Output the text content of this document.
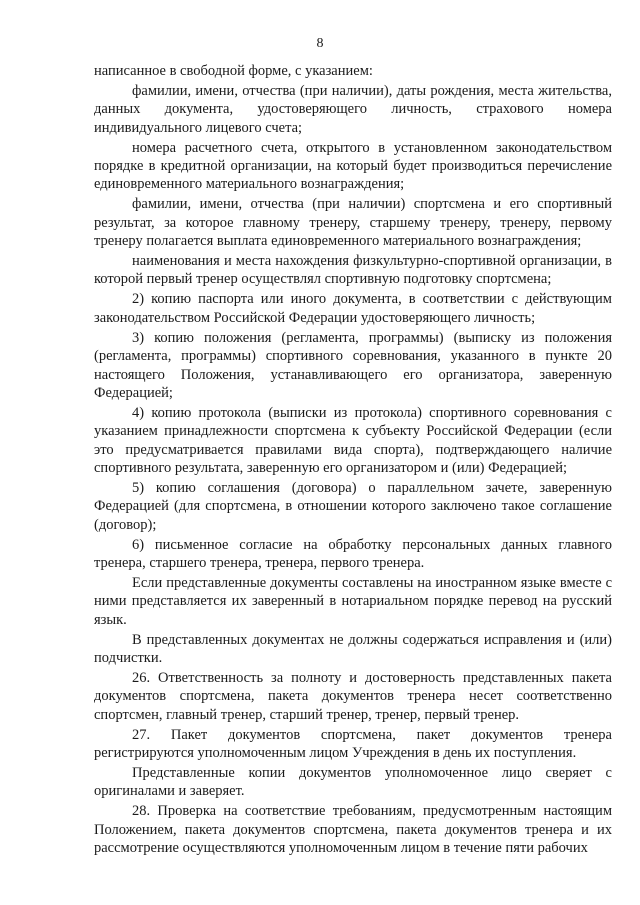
8

написанное в свободной форме, с указанием:

фамилии, имени, отчества (при наличии), даты рождения, места жительства, данных документа, удостоверяющего личность, страхового номера индивидуального лицевого счета;

номера расчетного счета, открытого в установленном законодательством порядке в кредитной организации, на который будет производиться перечисление единовременного материального вознаграждения;

фамилии, имени, отчества (при наличии) спортсмена и его спортивный результат, за которое главному тренеру, старшему тренеру, тренеру, первому тренеру полагается выплата единовременного материального вознаграждения;

наименования и места нахождения физкультурно-спортивной организации, в которой первый тренер осуществлял спортивную подготовку спортсмена;

2) копию паспорта или иного документа, в соответствии с действующим законодательством Российской Федерации удостоверяющего личность;

3) копию положения (регламента, программы) (выписку из положения (регламента, программы) спортивного соревнования, указанного в пункте 20 настоящего Положения, устанавливающего его организатора, заверенную Федерацией;

4) копию протокола (выписки из протокола) спортивного соревнования с указанием принадлежности спортсмена к субъекту Российской Федерации (если это предусматривается правилами вида спорта), подтверждающего наличие спортивного результата, заверенную его организатором и (или) Федерацией;

5) копию соглашения (договора) о параллельном зачете, заверенную Федерацией (для спортсмена, в отношении которого заключено такое соглашение (договор);

6) письменное согласие на обработку персональных данных главного тренера, старшего тренера, тренера, первого тренера.

Если представленные документы составлены на иностранном языке вместе с ними представляется их заверенный в нотариальном порядке перевод на русский язык.

В представленных документах не должны содержаться исправления и (или) подчистки.

26. Ответственность за полноту и достоверность представленных пакета документов спортсмена, пакета документов тренера несет соответственно спортсмен, главный тренер, старший тренер, тренер, первый тренер.

27. Пакет документов спортсмена, пакет документов тренера регистрируются уполномоченным лицом Учреждения в день их поступления.

Представленные копии документов уполномоченное лицо сверяет с оригиналами и заверяет.

28. Проверка на соответствие требованиям, предусмотренным настоящим Положением, пакета документов спортсмена, пакета документов тренера и их рассмотрение осуществляются уполномоченным лицом в течение пяти рабочих
